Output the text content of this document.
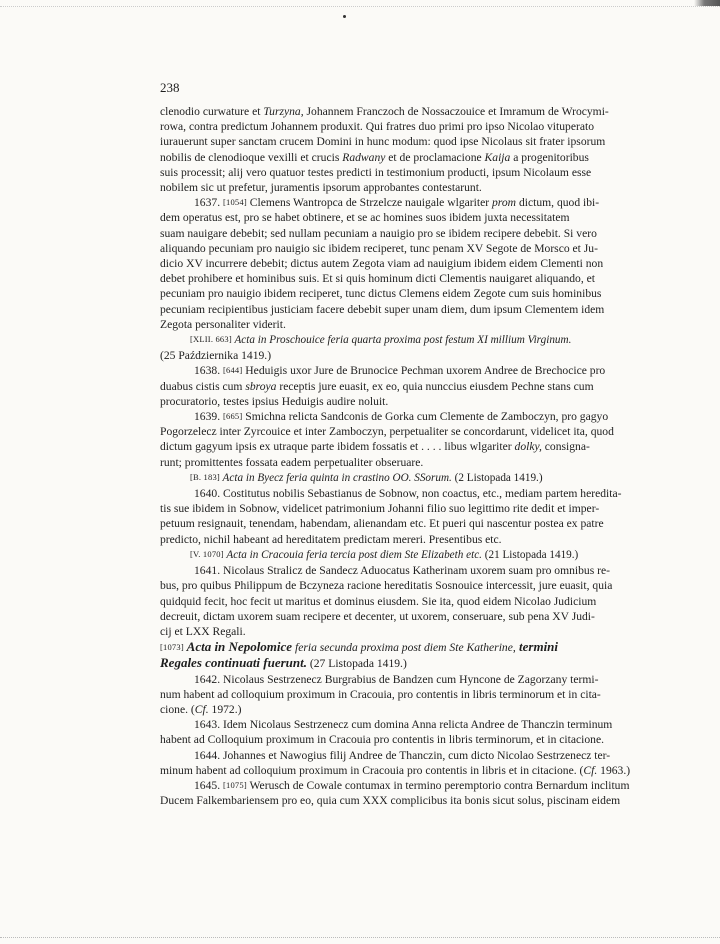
238

clenodio curwature et Turzyna, Johannem Franczoch de Nossaczouice et Imramum de Wrocymi-

rowa, contra predictum Johannem produxit. Qui fratres duo primi pro ipso Nicolao vituperato

iurauerunt super sanctam crucem Domini in hunc modum: quod ipse Nicolaus sit frater ipsorum

nobilis de clenodioque vexilli et crucis Radwany et de proclamacione Kaija a progenitoribus

suis processit; alij vero quatuor testes predicti in testimonium producti, ipsum Nicolaum esse

nobilem sic ut prefetur, juramentis ipsorum approbantes contestarunt.

1637. [1054] Clemens Wantropca de Strzelcze nauigale wlgariter prom dictum, quod ibi-

dem operatus est, pro se habet obtinere, et se ac homines suos ibidem juxta necessitatem

suam nauigare debebit; sed nullam pecuniam a nauigio pro se ibidem recipere debebit. Si vero

aliquando pecuniam pro nauigio sic ibidem reciperet, tunc penam XV Segote de Morsco et Ju-

dicio XV incurrere debebit; dictus autem Zegota viam ad nauigium ibidem eidem Clementi non

debet prohibere et hominibus suis. Et si quis hominum dicti Clementis nauigaret aliquando, et

pecuniam pro nauigio ibidem reciperet, tunc dictus Clemens eidem Zegote cum suis hominibus

pecuniam recipientibus justiciam facere debebit super unam diem, dum ipsum Clementem idem

Zegota personaliter viderit.

[XLII. 663] Acta in Proschouice feria quarta proxima post festum XI millium Virginum.

(25 Października 1419.)

1638. [644] Heduigis uxor Jure de Brunocice Pechman uxorem Andree de Brechocice pro

duabus cistis cum sbroya receptis jure euasit, ex eo, quia nunccius eiusdem Pechne stans cum

procuratorio, testes ipsius Heduigis audire noluit.

1639. [665] Smichna relicta Sandconis de Gorka cum Clemente de Zamboczyn, pro gagyo

Pogorzelecz inter Zyrcouice et inter Zamboczyn, perpetualiter se concordarunt, videlicet ita, quod

dictum gagyum ipsis ex utraque parte ibidem fossatis et . . . . libus wlgariter dolky, consigna-

runt; promittentes fossata eadem perpetualiter obseruare.

[B. 183] Acta in Byecz feria quinta in crastino OO. SSorum. (2 Listopada 1419.)

1640. Costitutus nobilis Sebastianus de Sobnow, non coactus, etc., mediam partem heredita-

tis sue ibidem in Sobnow, videlicet patrimonium Johanni filio suo legittimo rite dedit et imper-

petuum resignauit, tenendam, habendam, alienandam etc. Et pueri qui nascentur postea ex patre

predicto, nichil habeant ad hereditatem predictam mereri. Presentibus etc.

[V. 1070] Acta in Cracouia feria tercia post diem Ste Elizabeth etc. (21 Listopada 1419.)

1641. Nicolaus Stralicz de Sandecz Aduocatus Katherinam uxorem suam pro omnibus re-

bus, pro quibus Philippum de Bczyneza racione hereditatis Sosnouice intercessit, jure euasit, quia

quidquid fecit, hoc fecit ut maritus et dominus eiusdem. Sie ita, quod eidem Nicolao Judicium

decreuit, dictam uxorem suam recipere et decenter, ut uxorem, conseruare, sub pena XV Judi-

cij et LXX Regali.

[1073] Acta in Nepolomice feria secunda proxima post diem Ste Katherine, termini

Regales continuati fuerunt. (27 Listopada 1419.)

1642. Nicolaus Sestrzenecz Burgrabius de Bandzen cum Hyncone de Zagorzany termi-

num habent ad colloquium proximum in Cracouia, pro contentis in libris terminorum et in cita-

cione. (Cf. 1972.)

1643. Idem Nicolaus Sestrzenecz cum domina Anna relicta Andree de Thanczin terminum

habent ad Colloquium proximum in Cracouia pro contentis in libris terminorum, et in citacione.

1644. Johannes et Nawogius filij Andree de Thanczin, cum dicto Nicolao Sestrzenecz ter-

minum habent ad colloquium proximum in Cracouia pro contentis in libris et in citacione. (Cf. 1963.)

1645. [1075] Werusch de Cowale contumax in termino peremptorio contra Bernardum inclitum

Ducem Falkembariensem pro eo, quia cum XXX complicibus ita bonis sicut solus, piscinam eidem
